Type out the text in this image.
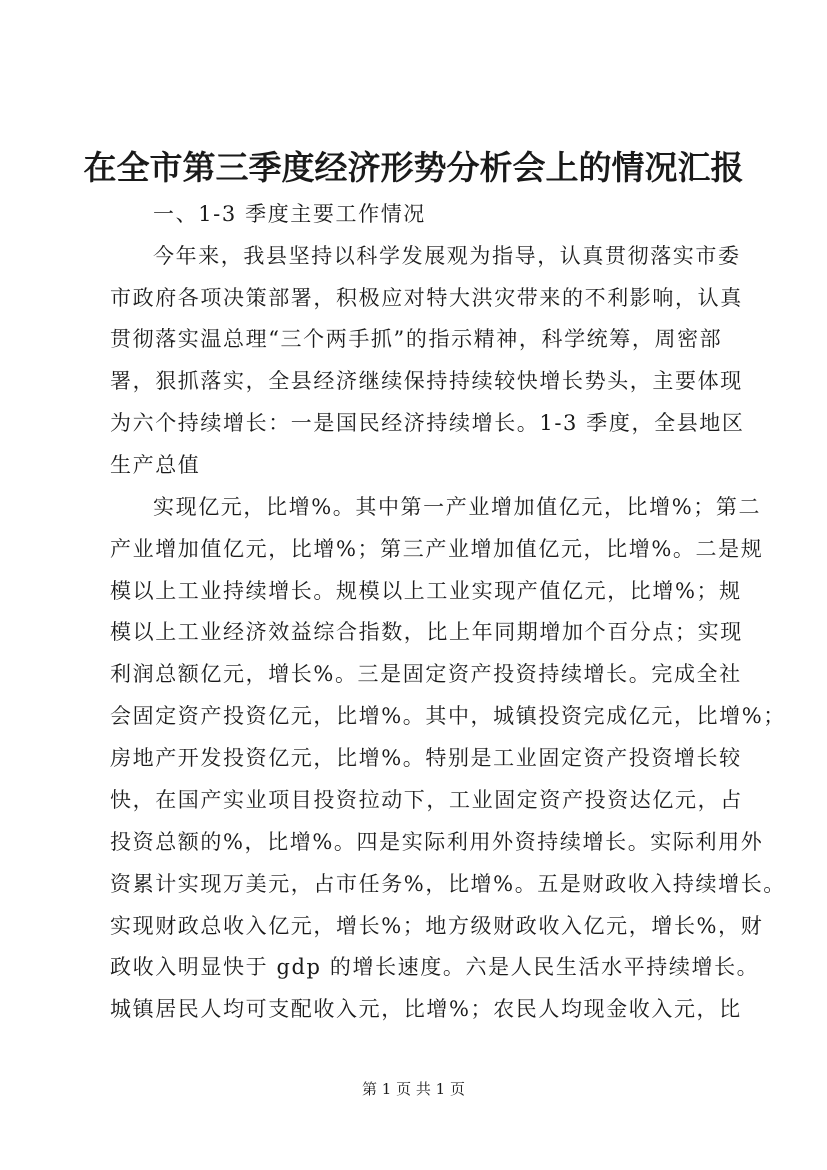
在全市第三季度经济形势分析会上的情况汇报
一、1-3 季度主要工作情况
今年来，我县坚持以科学发展观为指导，认真贯彻落实市委
市政府各项决策部署，积极应对特大洪灾带来的不利影响，认真
贯彻落实温总理“三个两手抓”的指示精神，科学统筹，周密部
署，狠抓落实，全县经济继续保持持续较快增长势头，主要体现
为六个持续增长：一是国民经济持续增长。1-3 季度，全县地区
生产总值
实现亿元，比增%。其中第一产业增加值亿元，比增%；第二
产业增加值亿元，比增%；第三产业增加值亿元，比增%。二是规
模以上工业持续增长。规模以上工业实现产值亿元，比增%；规
模以上工业经济效益综合指数，比上年同期增加个百分点；实现
利润总额亿元，增长%。三是固定资产投资持续增长。完成全社
会固定资产投资亿元，比增%。其中，城镇投资完成亿元，比增%；
房地产开发投资亿元，比增%。特别是工业固定资产投资增长较
快，在国产实业项目投资拉动下，工业固定资产投资达亿元，占
投资总额的%，比增%。四是实际利用外资持续增长。实际利用外
资累计实现万美元，占市任务%，比增%。五是财政收入持续增长。
实现财政总收入亿元，增长%；地方级财政收入亿元，增长%，财
政收入明显快于 gdp 的增长速度。六是人民生活水平持续增长。
城镇居民人均可支配收入元，比增%；农民人均现金收入元，比
第 1 页 共 1 页
